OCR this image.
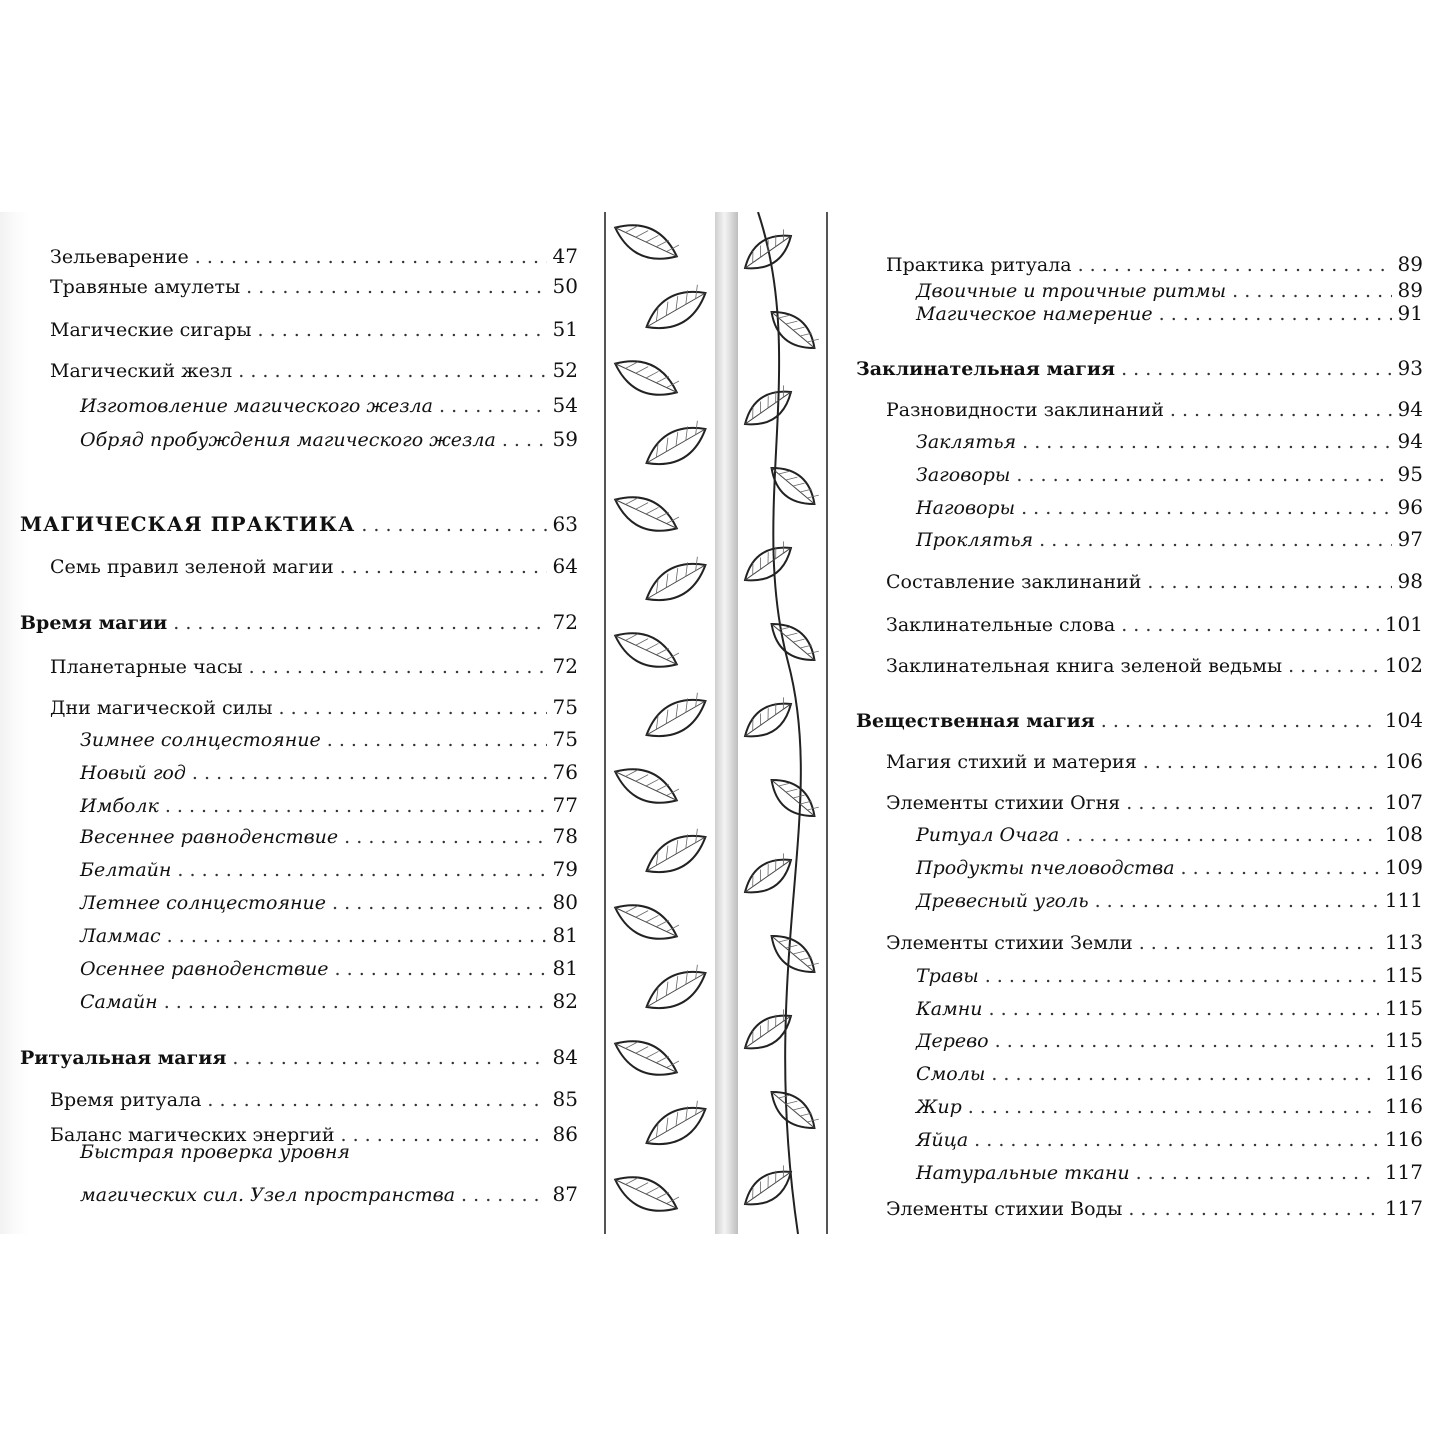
Зельеварение . . .	47
Травяные амулеты . . .	50
Магические сигары . . .	51
Магический жезл . . .	52
Изготовление магического жезла . . .	54
Обряд пробуждения магического жезла . . .	59
МАГИЧЕСКАЯ ПРАКТИКА . . .	63
Семь правил зеленой магии . . .	64
Время магии . . .	72
Планетарные часы . . .	72
Дни магической силы . . .	75
Зимнее солнцестояние . . .	75
Новый год . . .	76
Имболк . . .	77
Весеннее равноденствие . . .	78
Белтайн . . .	79
Летнее солнцестояние . . .	80
Ламмас . . .	81
Осеннее равноденствие . . .	81
Самайн . . .	82
Ритуальная магия . . .	84
Время ритуала . . .	85
Баланс магических энергий . . .	86
Быстрая проверка уровня
магических сил. Узел пространства . . .	87
Практика ритуала . . .	89
Двоичные и троичные ритмы . . .	89
Магическое намерение . . .	91
Заклинательная магия . . .	93
Разновидности заклинаний . . .	94
Заклятья . . .	94
Заговоры . . .	95
Наговоры . . .	96
Проклятья . . .	97
Составление заклинаний . . .	98
Заклинательные слова . . .	101
Заклинательная книга зеленой ведьмы . . .	102
Вещественная магия . . .	104
Магия стихий и материя . . .	106
Элементы стихии Огня . . .	107
Ритуал Очага . . .	108
Продукты пчеловодства . . .	109
Древесный уголь . . .	111
Элементы стихии Земли . . .	113
Травы . . .	115
Камни . . .	115
Дерево . . .	115
Смолы . . .	116
Жир . . .	116
Яйца . . .	116
Натуральные ткани . . .	117
Элементы стихии Воды . . .	117
